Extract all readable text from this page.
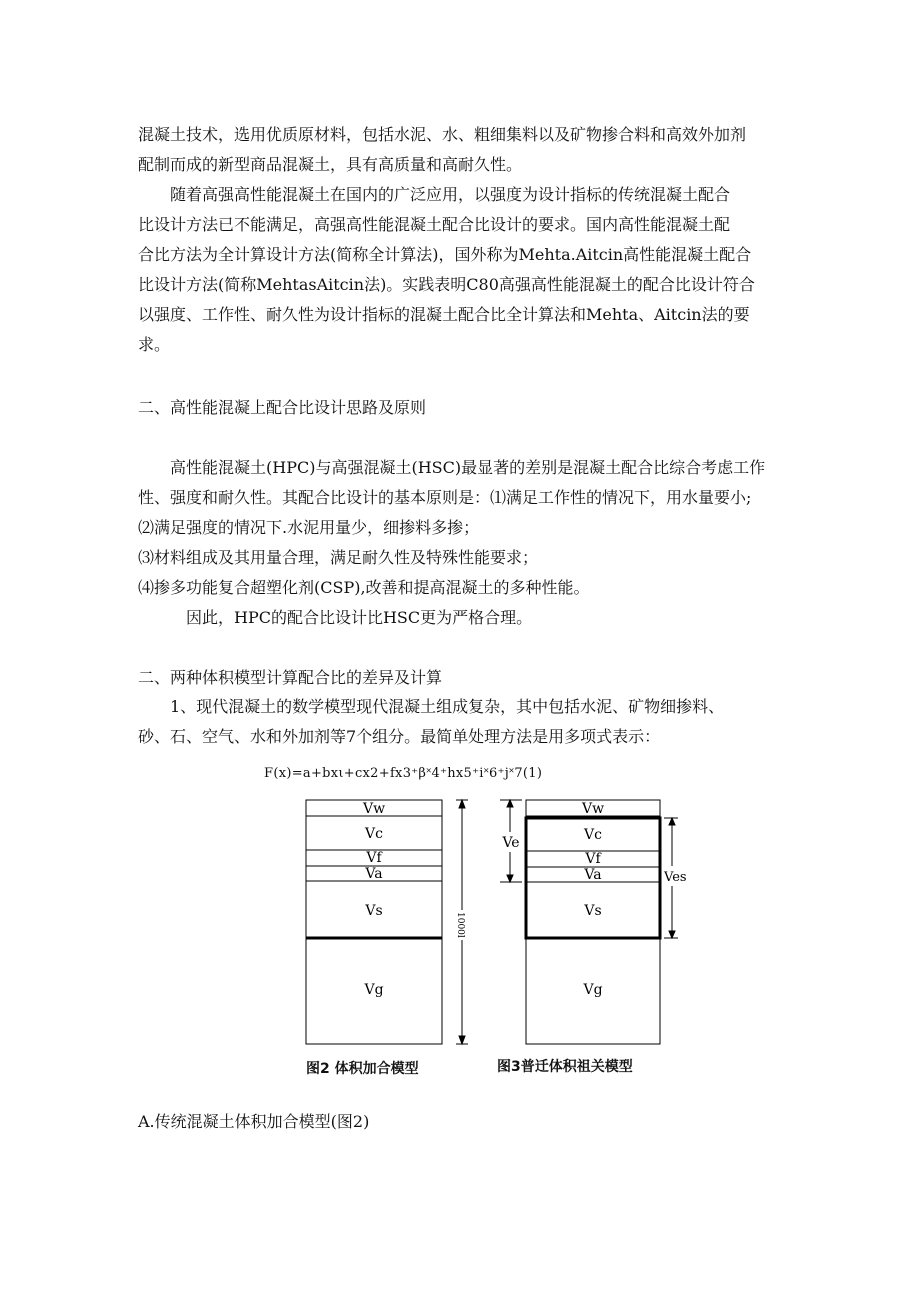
混凝土技术，选用优质原材料，包括水泥、水、粗细集料以及矿物掺合料和高效外加剂

配制而成的新型商品混凝土，具有高质量和高耐久性。

随着高强高性能混凝土在国内的广泛应用，以强度为设计指标的传统混凝土配合

比设计方法已不能满足，高强高性能混凝土配合比设计的要求。国内高性能混凝土配

合比方法为全计算设计方法(简称全计算法)，国外称为Mehta.Aitcin高性能混凝土配合

比设计方法(简称MehtasAitcin法)。实践表明C80高强高性能混凝土的配合比设计符合

以强度、工作性、耐久性为设计指标的混凝土配合比全计算法和Mehta、Aitcin法的要

求。

二、高性能混凝上配合比设计思路及原则

高性能混凝土(HPC)与高强混凝土(HSC)最显著的差别是混凝土配合比综合考虑工作

性、强度和耐久性。其配合比设计的基本原则是：⑴满足工作性的情况下，用水量要小;

⑵满足强度的情况下.水泥用量少，细掺料多掺；

⑶材料组成及其用量合理，满足耐久性及特殊性能要求；

⑷掺多功能复合超塑化剂(CSP),改善和提高混凝土的多种性能。

因此，HPC的配合比设计比HSC更为严格合理。

二、两种体积模型计算配合比的差异及计算

1、现代混凝土的数学模型现代混凝土组成复杂，其中包括水泥、矿物细掺料、

砂、石、空气、水和外加剂等7个组分。最简单处理方法是用多项式表示：

F(x)=a+bxι+cx2+fx3⁺β˟4⁺hx5⁺i˟6⁺j˟7(1)
Vw
Vc
Vf
Va
Vs
Vg
1000l
Vw
Vc
Vf
Va
Vs
Vg
Ve
Ves
图2 体积加合模型	图3普迁体积祖关模型

A.传统混凝土体积加合模型(图2)
